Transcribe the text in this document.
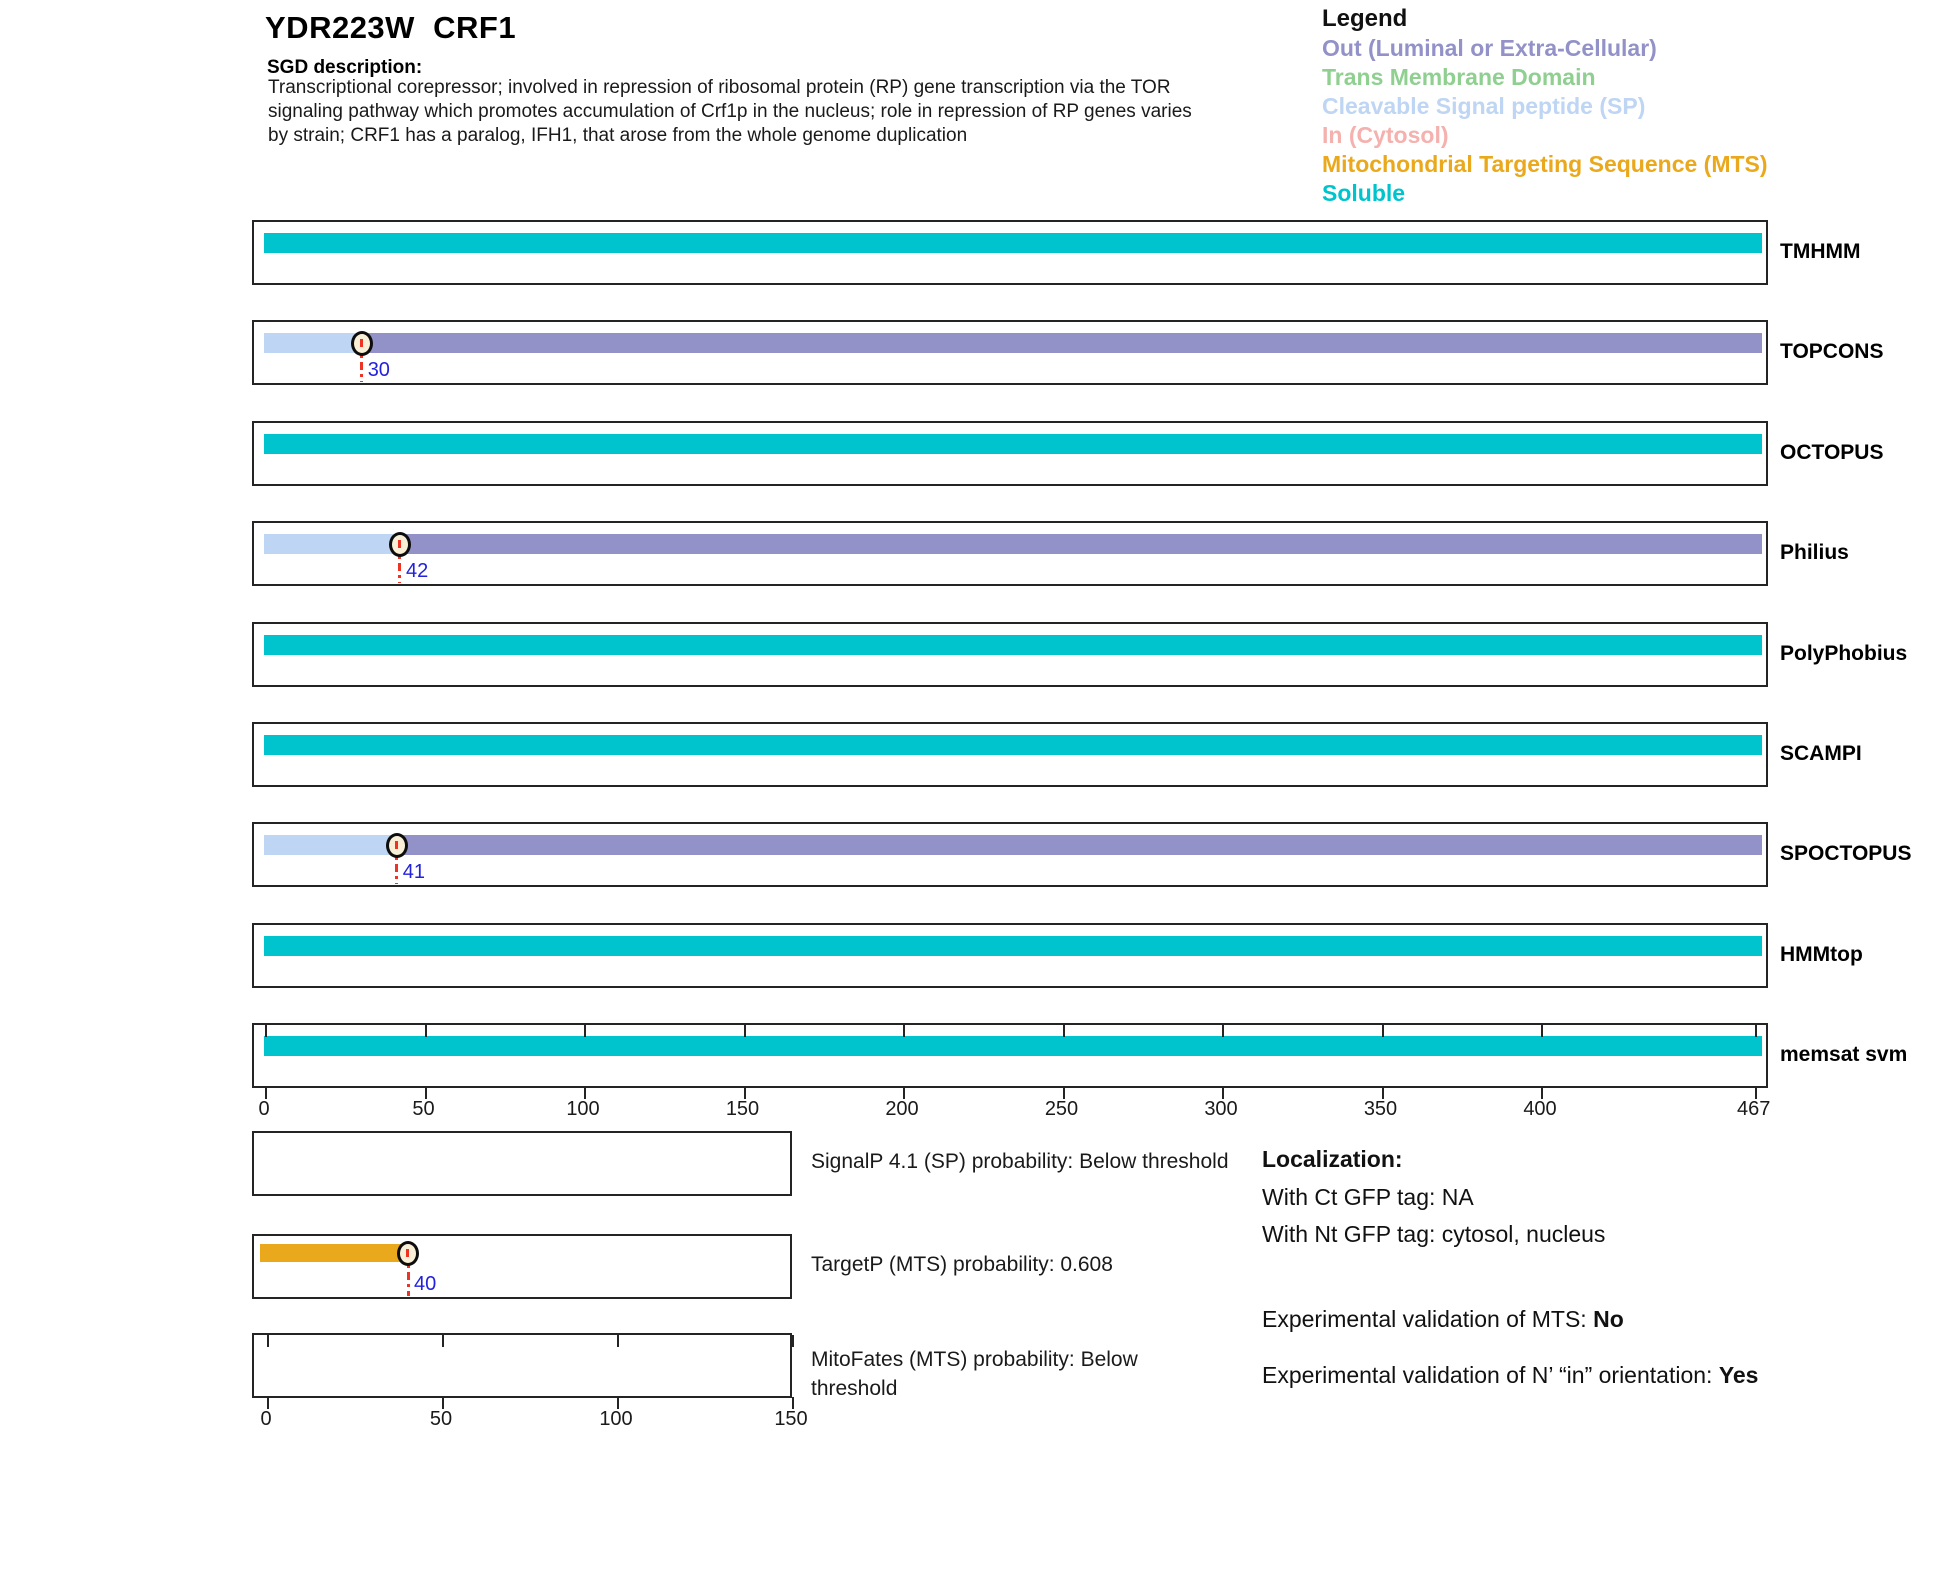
YDR223W  CRF1
SGD description:
Transcriptional corepressor; involved in repression of ribosomal protein (RP) gene transcription via the TOR
signaling pathway which promotes accumulation of Crf1p in the nucleus; role in repression of RP genes varies
by strain; CRF1 has a paralog, IFH1, that arose from the whole genome duplication
Legend
Out (Luminal or Extra-Cellular)
Trans Membrane Domain
Cleavable Signal peptide (SP)
In (Cytosol)
Mitochondrial Targeting Sequence (MTS)
Soluble
Localization:
With Ct GFP tag: NA
With Nt GFP tag: cytosol, nucleus
Experimental validation of MTS: No
Experimental validation of N’ “in” orientation: Yes
TMHMM
30
TOPCONS
OCTOPUS
42
Philius
PolyPhobius
SCAMPI
41
SPOCTOPUS
HMMtop
memsat svm
0	50	100	150	200	250	300	350	400	467
SignalP 4.1 (SP) probability: Below threshold
40
TargetP (MTS) probability: 0.608
MitoFates (MTS) probability: Below
threshold
0	50	100	150
